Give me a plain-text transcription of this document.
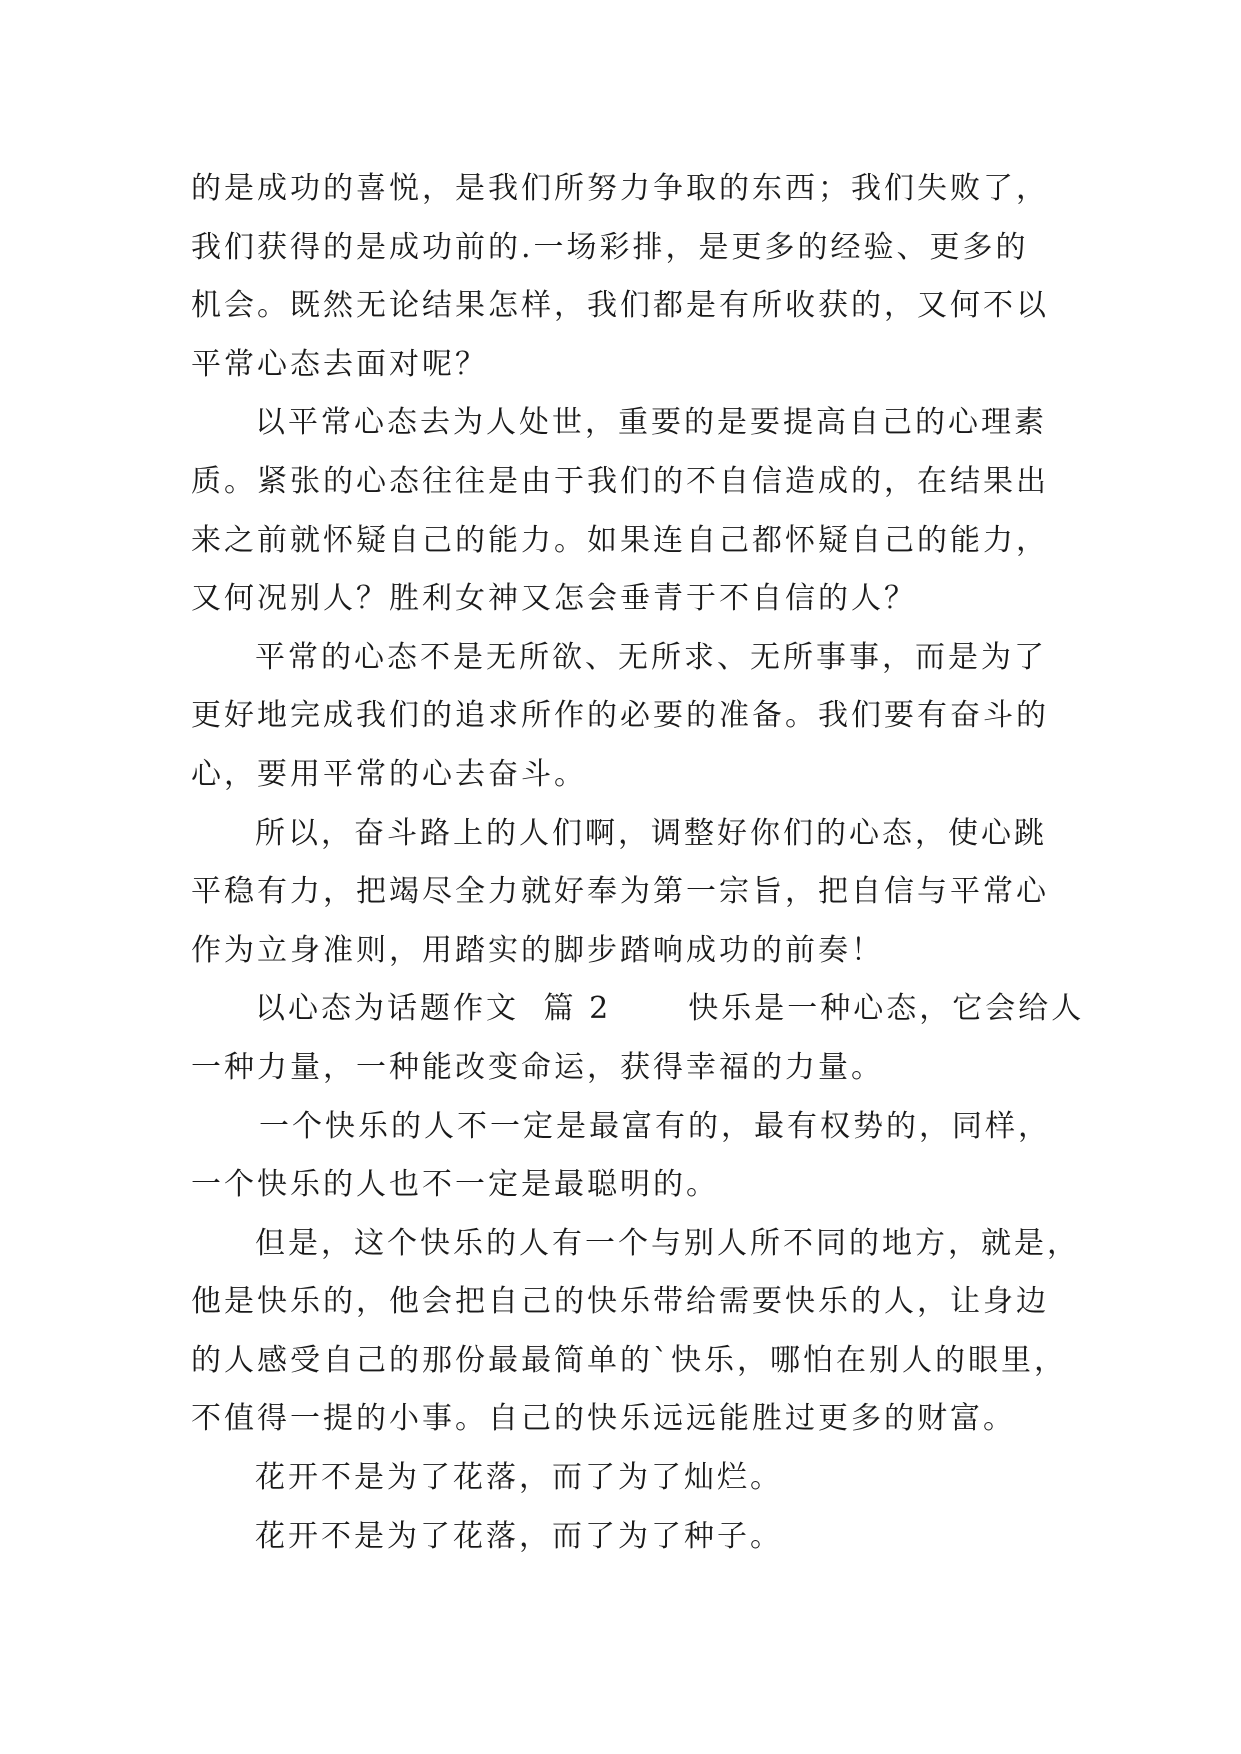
的是成功的喜悦，是我们所努力争取的东西；我们失败了，
我们获得的是成功前的.一场彩排，是更多的经验、更多的
机会。既然无论结果怎样，我们都是有所收获的，又何不以
平常心态去面对呢？
以平常心态去为人处世，重要的是要提高自己的心理素
质。紧张的心态往往是由于我们的不自信造成的，在结果出
来之前就怀疑自己的能力。如果连自己都怀疑自己的能力，
又何况别人？胜利女神又怎会垂青于不自信的人？
平常的心态不是无所欲、无所求、无所事事，而是为了
更好地完成我们的追求所作的必要的准备。我们要有奋斗的
心，要用平常的心去奋斗。
所以，奋斗路上的人们啊，调整好你们的心态，使心跳
平稳有力，把竭尽全力就好奉为第一宗旨，把自信与平常心
作为立身准则，用踏实的脚步踏响成功的前奏！
以心态为话题作文 篇 2	快乐是一种心态，它会给人
一种力量，一种能改变命运，获得幸福的力量。
一个快乐的人不一定是最富有的，最有权势的，同样，
一个快乐的人也不一定是最聪明的。
但是，这个快乐的人有一个与别人所不同的地方，就是，
他是快乐的，他会把自己的快乐带给需要快乐的人，让身边
的人感受自己的那份最最简单的`快乐，哪怕在别人的眼里，
不值得一提的小事。自己的快乐远远能胜过更多的财富。
花开不是为了花落，而了为了灿烂。
花开不是为了花落，而了为了种子。
